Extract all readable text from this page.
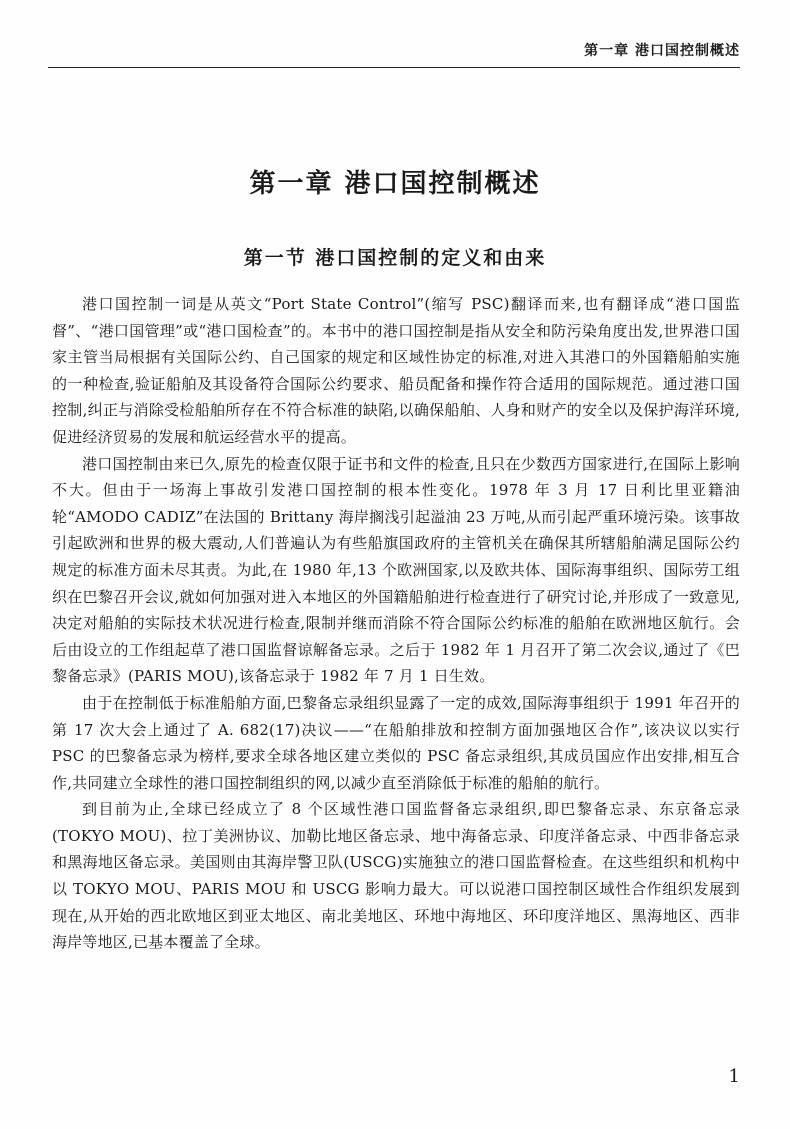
第一章 港口国控制概述
第一章 港口国控制概述
第一节 港口国控制的定义和由来

港口国控制一词是从英文“Port State Control”(缩写 PSC)翻译而来,也有翻译成“港口国监督”、“港口国管理”或“港口国检查”的。本书中的港口国控制是指从安全和防污染角度出发,世界港口国家主管当局根据有关国际公约、自己国家的规定和区域性协定的标准,对进入其港口的外国籍船舶实施的一种检查,验证船舶及其设备符合国际公约要求、船员配备和操作符合适用的国际规范。通过港口国控制,纠正与消除受检船舶所存在不符合标准的缺陷,以确保船舶、人身和财产的安全以及保护海洋环境,促进经济贸易的发展和航运经营水平的提高。

港口国控制由来已久,原先的检查仅限于证书和文件的检查,且只在少数西方国家进行,在国际上影响不大。但由于一场海上事故引发港口国控制的根本性变化。1978 年 3 月 17 日利比里亚籍油轮“AMODO CADIZ”在法国的 Brittany 海岸搁浅引起溢油 23 万吨,从而引起严重环境污染。该事故引起欧洲和世界的极大震动,人们普遍认为有些船旗国政府的主管机关在确保其所辖船舶满足国际公约规定的标准方面未尽其责。为此,在 1980 年,13 个欧洲国家,以及欧共体、国际海事组织、国际劳工组织在巴黎召开会议,就如何加强对进入本地区的外国籍船舶进行检查进行了研究讨论,并形成了一致意见,决定对船舶的实际技术状况进行检查,限制并继而消除不符合国际公约标准的船舶在欧洲地区航行。会后由设立的工作组起草了港口国监督谅解备忘录。之后于 1982 年 1 月召开了第二次会议,通过了《巴黎备忘录》(PARIS MOU),该备忘录于 1982 年 7 月 1 日生效。

由于在控制低于标准船舶方面,巴黎备忘录组织显露了一定的成效,国际海事组织于 1991 年召开的第 17 次大会上通过了 A. 682(17)决议——“在船舶排放和控制方面加强地区合作”,该决议以实行 PSC 的巴黎备忘录为榜样,要求全球各地区建立类似的 PSC 备忘录组织,其成员国应作出安排,相互合作,共同建立全球性的港口国控制组织的网,以减少直至消除低于标准的船舶的航行。

到目前为止,全球已经成立了 8 个区域性港口国监督备忘录组织,即巴黎备忘录、东京备忘录(TOKYO MOU)、拉丁美洲协议、加勒比地区备忘录、地中海备忘录、印度洋备忘录、中西非备忘录和黑海地区备忘录。美国则由其海岸警卫队(USCG)实施独立的港口国监督检查。在这些组织和机构中以 TOKYO MOU、PARIS MOU 和 USCG 影响力最大。可以说港口国控制区域性合作组织发展到现在,从开始的西北欧地区到亚太地区、南北美地区、环地中海地区、环印度洋地区、黑海地区、西非海岸等地区,已基本覆盖了全球。

1
